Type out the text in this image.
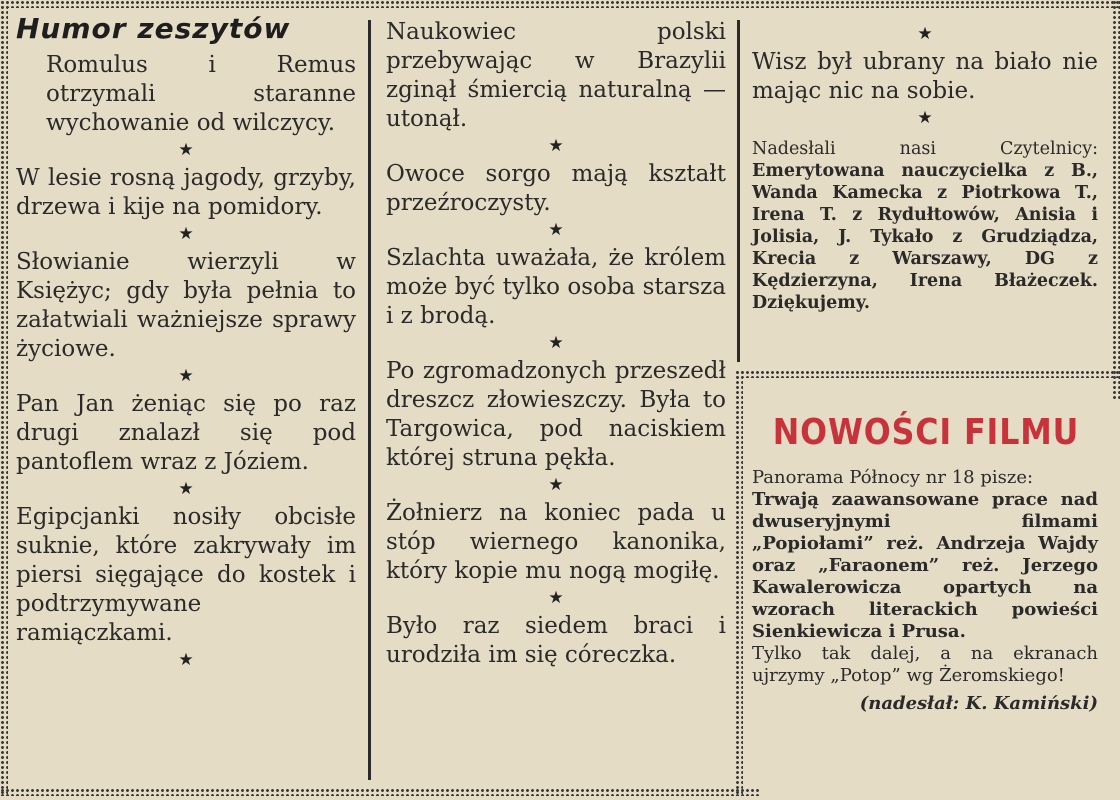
Humor zeszytów

Romulus i Remus otrzymali staranne wychowanie od wilczycy.

★

W lesie rosną jagody, grzyby, drzewa i kije na pomidory.

★

Słowianie wierzyli w Księżyc; gdy była pełnia to załatwiali ważniejsze sprawy życiowe.

★

Pan Jan żeniąc się po raz drugi znalazł się pod pantoflem wraz z Józiem.

★

Egipcjanki nosiły obcisłe suknie, które zakrywały im piersi sięgające do kostek i podtrzymywane ramiączkami.

★

Naukowiec polski przebywając w Brazylii zginął śmiercią naturalną — utonął.

★

Owoce sorgo mają kształt przeźroczysty.

★

Szlachta uważała, że królem może być tylko osoba starsza i z brodą.

★

Po zgromadzonych przeszedł dreszcz złowieszczy. Była to Targowica, pod naciskiem której struna pękła.

★

Żołnierz na koniec pada u stóp wiernego kanonika, który kopie mu nogą mogiłę.

★

Było raz siedem braci i urodziła im się córeczka.

★

Wisz był ubrany na biało nie mając nic na sobie.

★

Nadesłali nasi Czytelnicy: Emerytowana nauczycielka z B., Wanda Kamecka z Piotrkowa T., Irena T. z Rydułtowów, Anisia i Jolisia, J. Tykało z Grudziądza, Krecia z Warszawy, DG z Kędzierzyna, Irena Błażeczek. Dziękujemy.

NOWOŚCI FILMU

Panorama Północy nr 18 pisze:

Trwają zaawansowane prace nad dwuseryjnymi filmami „Popiołami” reż. Andrzeja Wajdy oraz „Faraonem” reż. Jerzego Kawalerowicza opartych na wzorach literackich powieści Sienkiewicza i Prusa.

Tylko tak dalej, a na ekranach ujrzymy „Potop” wg Żeromskiego!

(nadesłał: K. Kamiński)
